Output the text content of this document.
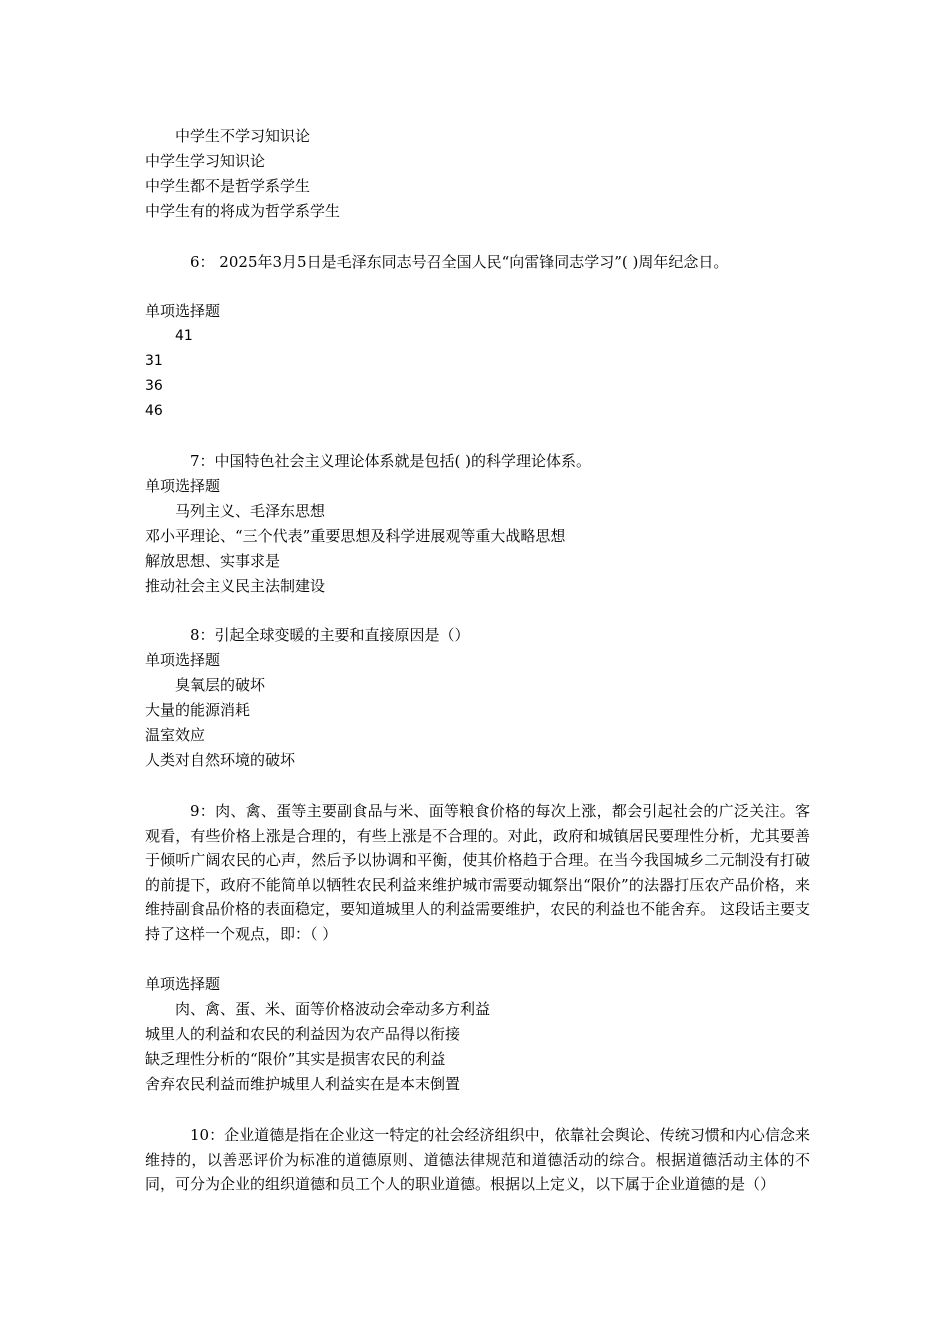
中学生不学习知识论
中学生学习知识论
中学生都不是哲学系学生
中学生有的将成为哲学系学生
6： 2025年3月5日是毛泽东同志号召全国人民“向雷锋同志学习”( )周年纪念日。
单项选择题
41
31
36
46
7：中国特色社会主义理论体系就是包括( )的科学理论体系。
单项选择题
马列主义、毛泽东思想
邓小平理论、“三个代表”重要思想及科学进展观等重大战略思想
解放思想、实事求是
推动社会主义民主法制建设
8：引起全球变暖的主要和直接原因是（）
单项选择题
臭氧层的破坏
大量的能源消耗
温室效应
人类对自然环境的破坏
9：肉、禽、蛋等主要副食品与米、面等粮食价格的每次上涨，都会引起社会的广泛关注。客观看，有些价格上涨是合理的，有些上涨是不合理的。对此，政府和城镇居民要理性分析，尤其要善于倾听广阔农民的心声，然后予以协调和平衡，使其价格趋于合理。在当今我国城乡二元制没有打破的前提下，政府不能简单以牺牲农民利益来维护城市需要动辄祭出“限价”的法器打压农产品价格，来维持副食品价格的表面稳定，要知道城里人的利益需要维护，农民的利益也不能舍弃。 这段话主要支持了这样一个观点，即：（ ）
单项选择题
肉、禽、蛋、米、面等价格波动会牵动多方利益
城里人的利益和农民的利益因为农产品得以衔接
缺乏理性分析的“限价”其实是损害农民的利益
舍弃农民利益而维护城里人利益实在是本末倒置
10：企业道德是指在企业这一特定的社会经济组织中，依靠社会舆论、传统习惯和内心信念来维持的，以善恶评价为标准的道德原则、道德法律规范和道德活动的综合。根据道德活动主体的不同，可分为企业的组织道德和员工个人的职业道德。根据以上定义，以下属于企业道德的是（）
